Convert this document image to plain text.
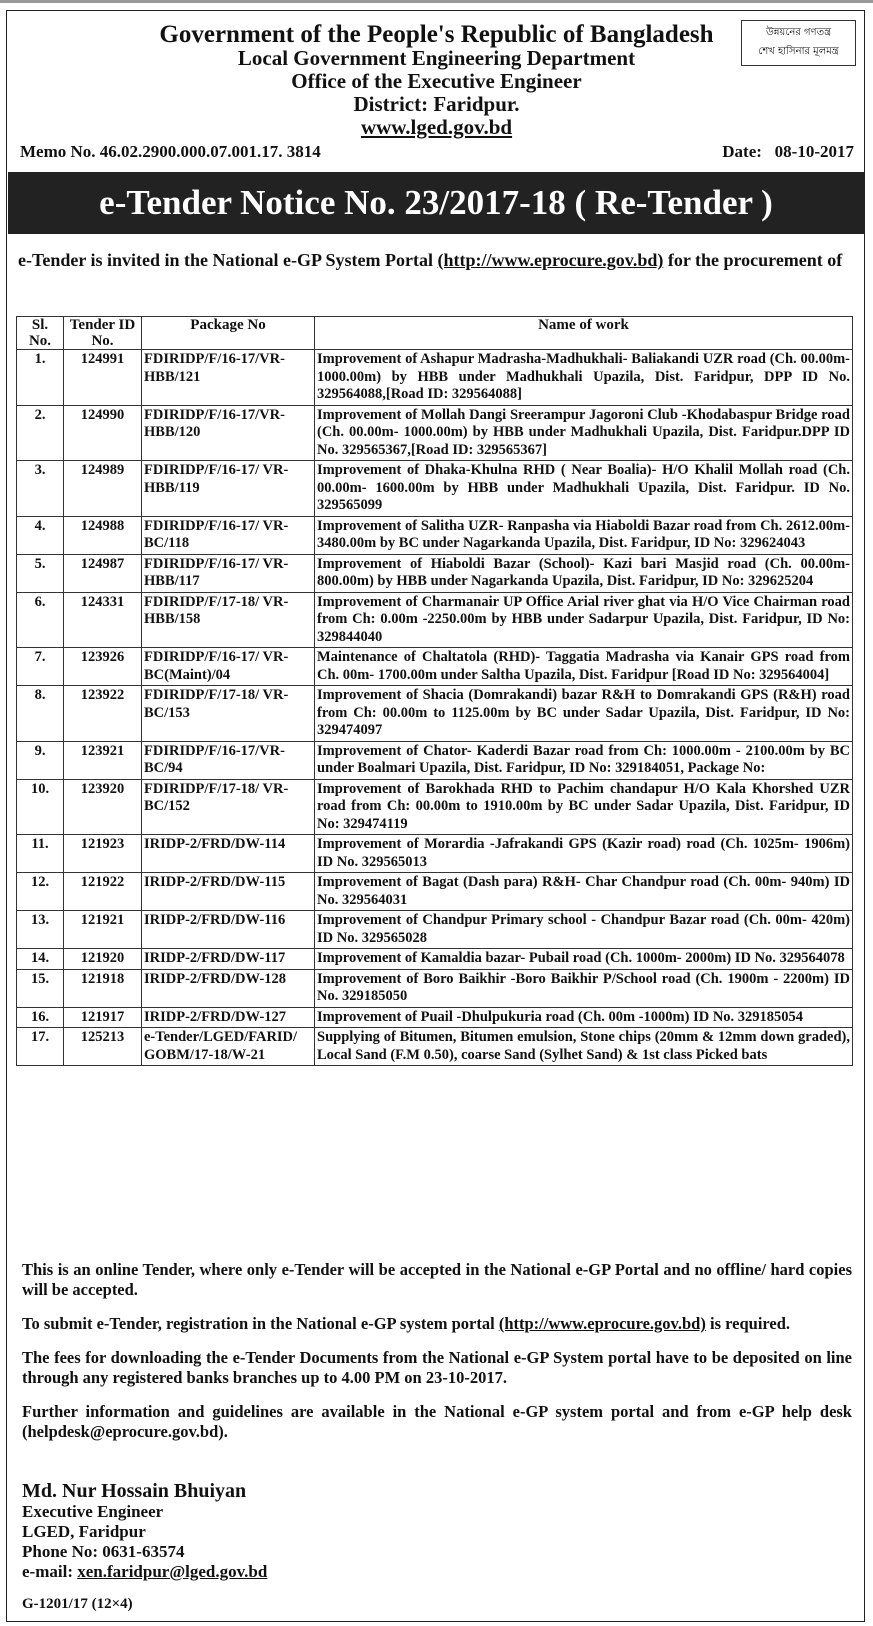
Government of the People's Republic of Bangladesh
Local Government Engineering Department
Office of the Executive Engineer
District: Faridpur.
www.lged.gov.bd
উন্নয়নের গণতন্ত্র
শেখ হাসিনার মূলমন্ত্র
Memo No. 46.02.2900.000.07.001.17. 3814	Date:   08-10-2017
e-Tender Notice No. 23/2017-18 ( Re-Tender )
e-Tender is invited in the National e-GP System Portal (http://www.eprocure.gov.bd) for the procurement of
Sl. No.	Tender ID No.	Package No	Name of work
1.	124991	FDIRIDP/F/16-17/VR-HBB/121	Improvement of Ashapur Madrasha-Madhukhali- Baliakandi UZR road (Ch. 00.00m- 1000.00m) by HBB under Madhukhali Upazila, Dist. Faridpur, DPP ID No. 329564088,[Road ID: 329564088]
2.	124990	FDIRIDP/F/16-17/VR-HBB/120	Improvement of Mollah Dangi Sreerampur Jagoroni Club -Khodabaspur Bridge road (Ch. 00.00m- 1000.00m) by HBB under Madhukhali Upazila, Dist. Faridpur.DPP ID No. 329565367,[Road ID: 329565367]
3.	124989	FDIRIDP/F/16-17/ VR-HBB/119	Improvement of Dhaka-Khulna RHD ( Near Boalia)- H/O Khalil Mollah road (Ch. 00.00m- 1600.00m by HBB under Madhukhali Upazila, Dist. Faridpur. ID No. 329565099
4.	124988	FDIRIDP/F/16-17/ VR-BC/118	Improvement of Salitha UZR- Ranpasha via Hiaboldi Bazar road from Ch. 2612.00m- 3480.00m by BC under Nagarkanda Upazila, Dist. Faridpur, ID No: 329624043
5.	124987	FDIRIDP/F/16-17/ VR-HBB/117	Improvement of Hiaboldi Bazar (School)- Kazi bari Masjid road (Ch. 00.00m- 800.00m) by HBB under Nagarkanda Upazila, Dist. Faridpur, ID No: 329625204
6.	124331	FDIRIDP/F/17-18/ VR-HBB/158	Improvement of Charmanair UP Office Arial river ghat via H/O Vice Chairman road from Ch: 0.00m -2250.00m by HBB under Sadarpur Upazila, Dist. Faridpur, ID No: 329844040
7.	123926	FDIRIDP/F/16-17/ VR-BC(Maint)/04	Maintenance of Chaltatola (RHD)- Taggatia Madrasha via Kanair GPS road from Ch. 00m- 1700.00m under Saltha Upazila, Dist. Faridpur [Road ID No: 329564004]
8.	123922	FDIRIDP/F/17-18/ VR-BC/153	Improvement of Shacia (Domrakandi) bazar R&H to Domrakandi GPS (R&H) road from Ch: 00.00m to 1125.00m by BC under Sadar Upazila, Dist. Faridpur, ID No: 329474097
9.	123921	FDIRIDP/F/16-17/VR-BC/94	Improvement of Chator- Kaderdi Bazar road from Ch: 1000.00m - 2100.00m by BC under Boalmari Upazila, Dist. Faridpur, ID No: 329184051, Package No:
10.	123920	FDIRIDP/F/17-18/ VR-BC/152	Improvement of Barokhada RHD to Pachim chandapur H/O Kala Khorshed UZR road from Ch: 00.00m to 1910.00m by BC under Sadar Upazila, Dist. Faridpur, ID No: 329474119
11.	121923	IRIDP-2/FRD/DW-114	Improvement of Morardia -Jafrakandi GPS (Kazir road) road (Ch. 1025m- 1906m) ID No. 329565013
12.	121922	IRIDP-2/FRD/DW-115	Improvement of Bagat (Dash para) R&H- Char Chandpur road (Ch. 00m- 940m) ID No. 329564031
13.	121921	IRIDP-2/FRD/DW-116	Improvement of Chandpur Primary school - Chandpur Bazar road (Ch. 00m- 420m) ID No. 329565028
14.	121920	IRIDP-2/FRD/DW-117	Improvement of Kamaldia bazar- Pubail road (Ch. 1000m- 2000m) ID No. 329564078
15.	121918	IRIDP-2/FRD/DW-128	Improvement of Boro Baikhir -Boro Baikhir P/School road (Ch. 1900m - 2200m) ID No. 329185050
16.	121917	IRIDP-2/FRD/DW-127	Improvement of Puail -Dhulpukuria road (Ch. 00m -1000m) ID No. 329185054
17.	125213	e-Tender/LGED/FARID/ GOBM/17-18/W-21	Supplying of Bitumen, Bitumen emulsion, Stone chips (20mm & 12mm down graded), Local Sand (F.M 0.50), coarse Sand (Sylhet Sand) & 1st class Picked bats

This is an online Tender, where only e-Tender will be accepted in the National e-GP Portal and no offline/ hard copies will be accepted.

To submit e-Tender, registration in the National e-GP system portal (http://www.eprocure.gov.bd) is required.

The fees for downloading the e-Tender Documents from the National e-GP System portal have to be deposited on line through any registered banks branches up to 4.00 PM on 23-10-2017.

Further information and guidelines are available in the National e-GP system portal and from e-GP help desk (helpdesk@eprocure.gov.bd).

Md. Nur Hossain Bhuiyan
Executive Engineer
LGED, Faridpur
Phone No: 0631-63574
e-mail: xen.faridpur@lged.gov.bd
G-1201/17 (12×4)
